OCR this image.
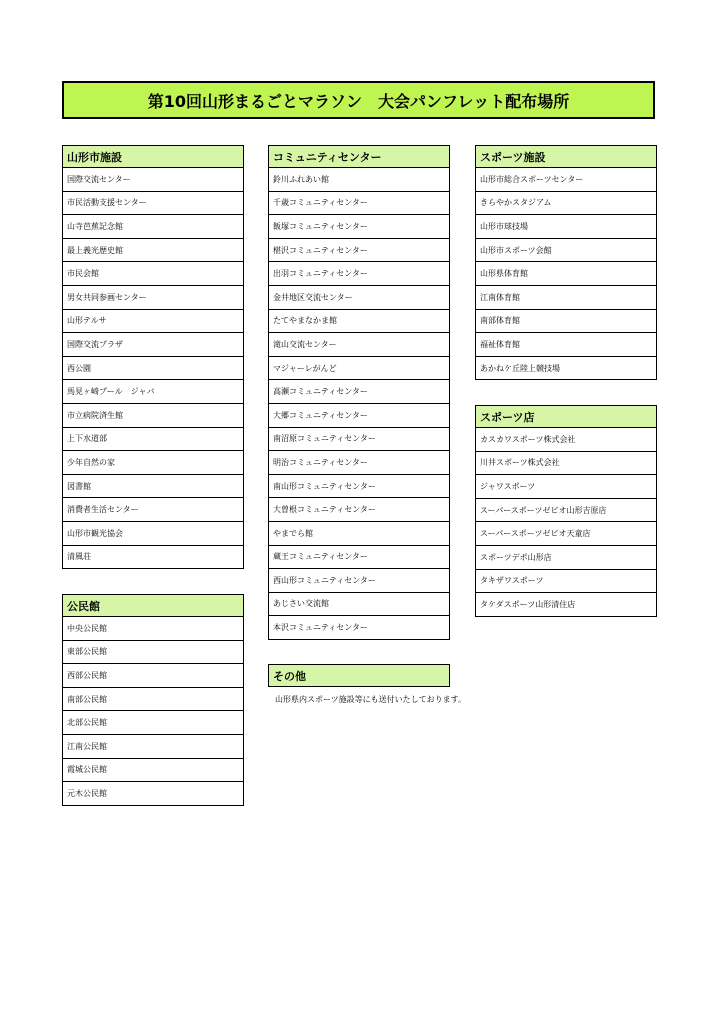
第10回山形まるごとマラソン　大会パンフレット配布場所
山形市施設
国際交流センター
市民活動支援センター
山寺芭蕉記念館
最上義光歴史館
市民会館
男女共同参画センター
山形テルサ
国際交流プラザ
西公園
馬見ヶ崎プール　ジャバ
市立病院済生館
上下水道部
少年自然の家
図書館
消費者生活センター
山形市観光協会
清風荘
公民館
中央公民館
東部公民館
西部公民館
南部公民館
北部公民館
江南公民館
霞城公民館
元木公民館
コミュニティセンター
鈴川ふれあい館
千歳コミュニティセンター
飯塚コミュニティセンター
椹沢コミュニティセンター
出羽コミュニティセンター
金井地区交流センター
たてやまなかま館
滝山交流センター
マジャーレがんど
高瀬コミュニティセンター
大郷コミュニティセンター
南沼原コミュニティセンター
明治コミュニティセンター
南山形コミュニティセンター
大曽根コミュニティセンター
やまでら館
蔵王コミュニティセンター
西山形コミュニティセンター
あじさい交流館
本沢コミュニティセンター
その他
山形県内スポーツ施設等にも送付いたしております。
スポーツ施設
山形市総合スポーツセンター
きらやかスタジアム
山形市球技場
山形市スポーツ会館
山形県体育館
江南体育館
南部体育館
福祉体育館
あかねケ丘陸上競技場
スポーツ店
カスカワスポーツ株式会社
川井スポーツ株式会社
ジャワスポーツ
スーパースポーツゼビオ山形吉原店
スーパースポーツゼビオ天童店
スポーツデポ山形店
タキザワスポーツ
タケダスポーツ山形清住店
